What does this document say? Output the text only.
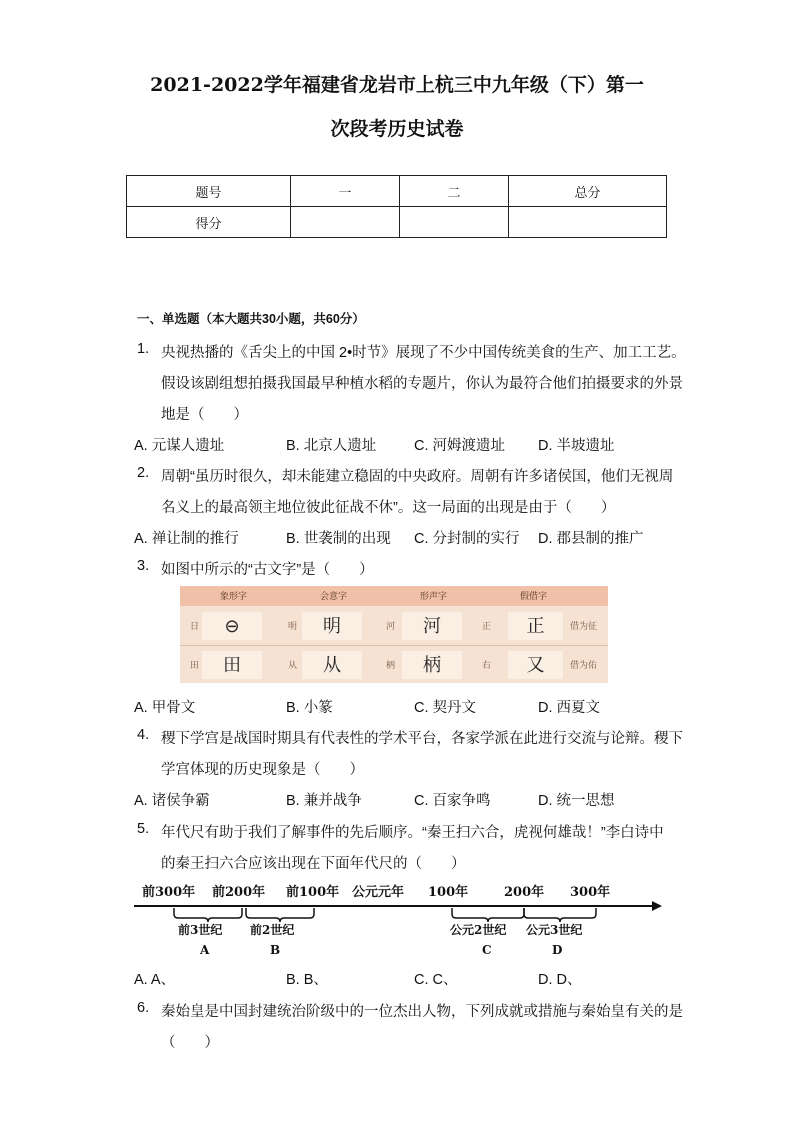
2021-2022学年福建省龙岩市上杭三中九年级（下）第一
次段考历史试卷
题号	一	二	总分
得分			
一、单选题（本大题共30小题，共60分）
1. 央视热播的《舌尖上的中国 2•时节》展现了不少中国传统美食的生产、加工工艺。
假设该剧组想拍摄我国最早种植水稻的专题片，你认为最符合他们拍摄要求的外景
地是（　　）
A. 元谋人遗址	B. 北京人遗址	C. 河姆渡遗址 D. 半坡遗址
2. 周朝“虽历时很久，却未能建立稳固的中央政府。周朝有许多诸侯国，他们无视周
名义上的最高领主地位彼此征战不休”。这一局面的出现是由于（　　）
A. 禅让制的推行	B. 世袭制的出现 C. 分封制的实行 D. 郡县制的推广
3. 如图中所示的“古文字”是（　　）
象形字	会意字	形声字	假借字
日	⊖	明	明	河	河	正	正	借为征
田	田	从	从	柄	柄	右	又	借为佑
A. 甲骨文	B. 小篆	C. 契丹文	D. 西夏文
4. 稷下学宫是战国时期具有代表性的学术平台，各家学派在此进行交流与论辩。稷下
学宫体现的历史现象是（　　）
A. 诸侯争霸	B. 兼并战争	C. 百家争鸣	D. 统一思想
5. 年代尺有助于我们了解事件的先后顺序。“秦王扫六合，虎视何雄哉！”李白诗中
的秦王扫六合应该出现在下面年代尺的（　　）
前300年 前200年 前100年 公元元年 100年	200年 300年
前3世纪 前2世纪	公元2世纪 公元3世纪
A	B	C	D
A. A、	B. B、	C. C、	D. D、
6. 秦始皇是中国封建统治阶级中的一位杰出人物，下列成就或措施与秦始皇有关的是
（　　）
